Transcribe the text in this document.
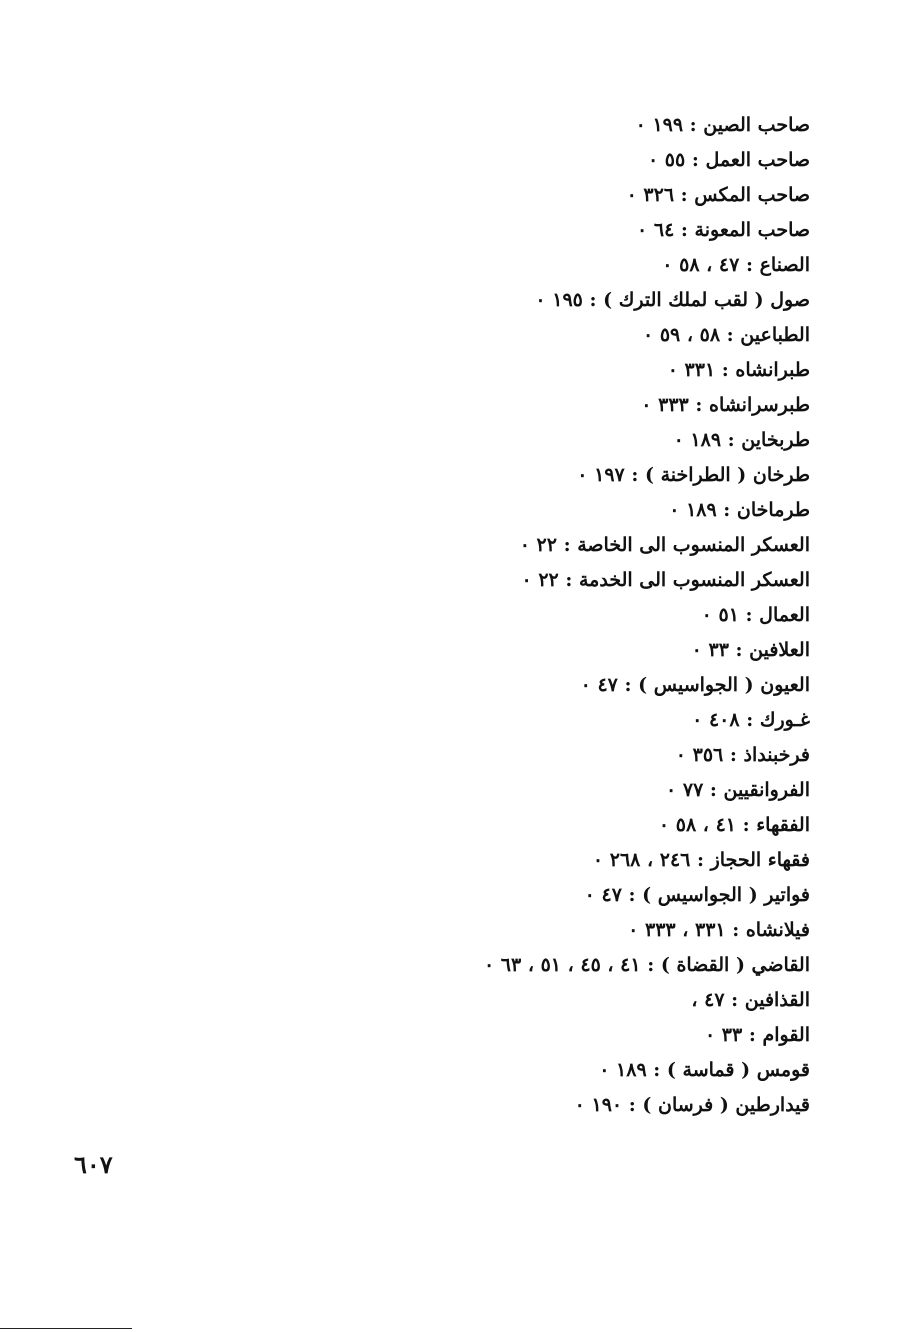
صاحب الصين : ١٩٩ ٠
صاحب العمل : ٥٥ ٠
صاحب المكس : ٣٢٦ ٠
صاحب المعونة : ٦٤ ٠
الصناع : ٤٧ ، ٥٨ ٠
صول ( لقب لملك الترك ) : ١٩٥ ٠
الطباعين : ٥٨ ، ٥٩ ٠
طبرانشاه : ٣٣١ ٠
طبرسرانشاه : ٣٣٣ ٠
طربخاين : ١٨٩ ٠
طرخان ( الطراخنة ) : ١٩٧ ٠
طرماخان : ١٨٩ ٠
العسكر المنسوب الى الخاصة : ٢٢ ٠
العسكر المنسوب الى الخدمة : ٢٢ ٠
العمال : ٥١ ٠
العلافين : ٣٣ ٠
العيون ( الجواسيس ) : ٤٧ ٠
غـورك : ٤٠٨ ٠
فرخبنداذ : ٣٥٦ ٠
الفروانقيين : ٧٧ ٠
الفقهاء : ٤١ ، ٥٨ ٠
فقهاء الحجاز : ٢٤٦ ، ٢٦٨ ٠
فواتير ( الجواسيس ) : ٤٧ ٠
فيلانشاه : ٣٣١ ، ٣٣٣ ٠
القاضي ( القضاة ) : ٤١ ، ٤٥ ، ٥١ ، ٦٣ ٠
القذافين : ٤٧ ،
القوام : ٣٣ ٠
قومس ( قماسة ) : ١٨٩ ٠
قيدارطين ( فرسان ) : ١٩٠ ٠
٦٠٧
